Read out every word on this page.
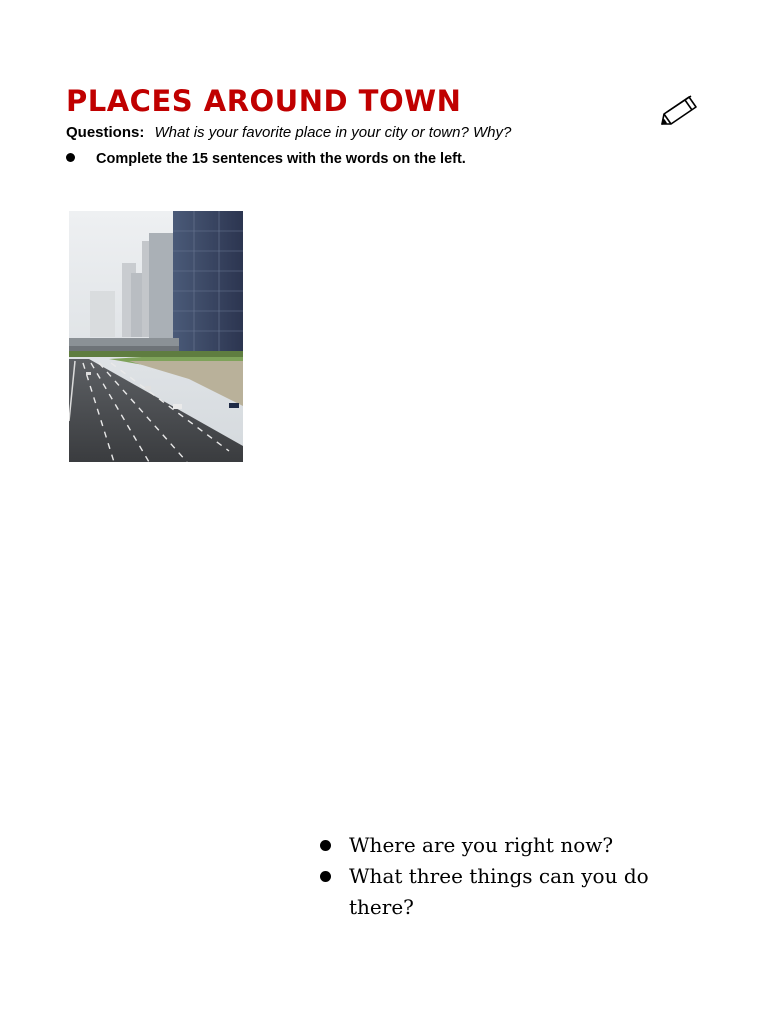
PLACES AROUND TOWN
Questions: What is your favorite place in your city or town? Why?
Complete the 15 sentences with the words on the left.
Where are you right now?
What three things can you do there?
